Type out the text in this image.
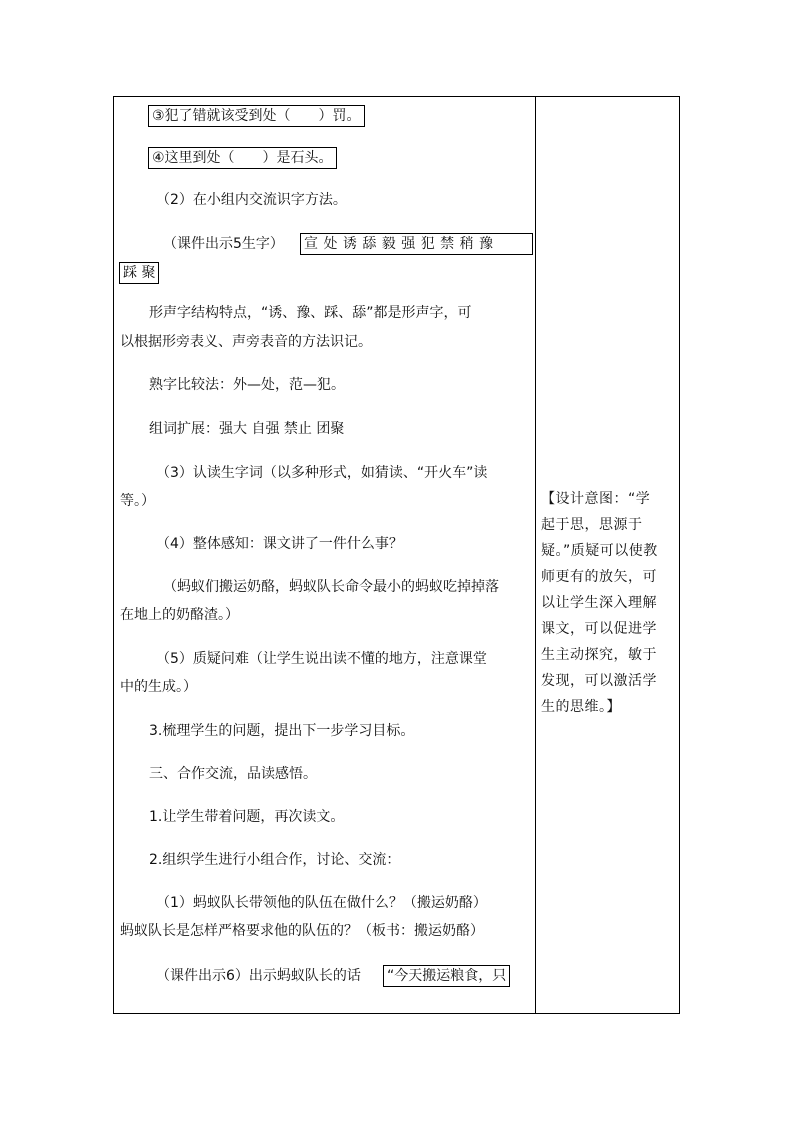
③犯了错就该受到处（　　）罚。
④这里到处（　　）是石头。
（2）在小组内交流识字方法。
（课件出示5生字） 宣 处 诱 舔 毅 强 犯 禁 稍 豫
踩 聚
形声字结构特点，“诱、豫、踩、舔”都是形声字，可
以根据形旁表义、声旁表音的方法识记。
熟字比较法：外—处，范—犯。
组词扩展：强大 自强 禁止 团聚
（3）认读生字词（以多种形式，如猜读、“开火车”读
等。）
（4）整体感知：课文讲了一件什么事？
（蚂蚁们搬运奶酪，蚂蚁队长命令最小的蚂蚁吃掉掉落
在地上的奶酪渣。）
（5）质疑问难（让学生说出读不懂的地方，注意课堂
中的生成。）
3.梳理学生的问题，提出下一步学习目标。
三、合作交流，品读感悟。
1.让学生带着问题，再次读文。
2.组织学生进行小组合作，讨论、交流：
（1）蚂蚁队长带领他的队伍在做什么？（搬运奶酪）
蚂蚁队长是怎样严格要求他的队伍的？（板书：搬运奶酪）
（课件出示6）出示蚂蚁队长的话 “今天搬运粮食，只
【设计意图：“学
起于思，思源于
疑。”质疑可以使教
师更有的放矢，可
以让学生深入理解
课文，可以促进学
生主动探究，敏于
发现，可以激活学
生的思维。】
